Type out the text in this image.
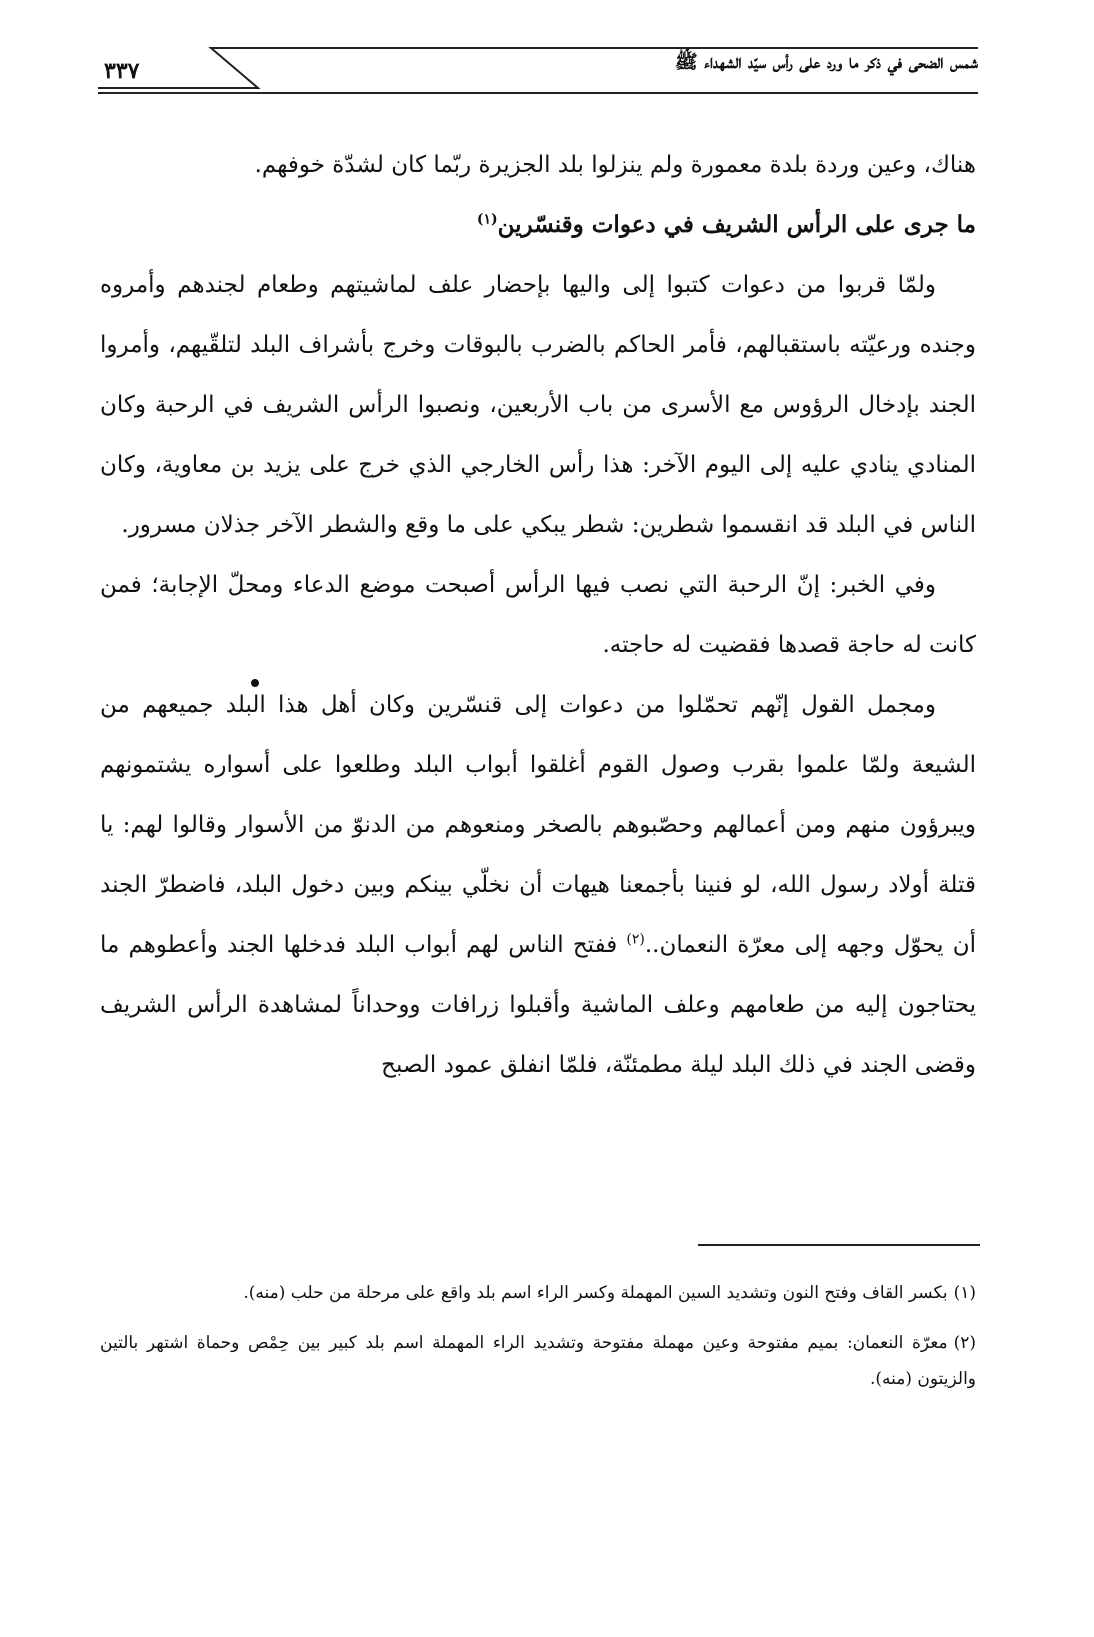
شمس الضحى في ذكر ما ورد على رأس سيّد الشهداء ﷺ
٣٣٧

هناك، وعين وردة بلدة معمورة ولم ينزلوا بلد الجزيرة ربّما كان لشدّة خوفهم.

ما جرى على الرأس الشريف في دعوات وقنسّرين$^{(١)}$

ولمّا قربوا من دعوات كتبوا إلى واليها بإحضار علف لماشيتهم وطعام لجندهم وأمروه وجنده ورعيّته باستقبالهم، فأمر الحاكم بالضرب بالبوقات وخرج بأشراف البلد لتلقّيهم، وأمروا الجند بإدخال الرؤوس مع الأسرى من باب الأربعين، ونصبوا الرأس الشريف في الرحبة وكان المنادي ينادي عليه إلى اليوم الآخر: هذا رأس الخارجي الذي خرج على يزيد بن معاوية، وكان الناس في البلد قد انقسموا شطرين: شطر يبكي على ما وقع والشطر الآخر جذلان مسرور.

وفي الخبر: إنّ الرحبة التي نصب فيها الرأس أصبحت موضع الدعاء ومحلّ الإجابة؛ فمن كانت له حاجة قصدها فقضيت له حاجته.

ومجمل القول إنّهم تحمّلوا من دعوات إلى قنسّرين وكان أهل هذا البلد جميعهم من الشيعة ولمّا علموا بقرب وصول القوم أغلقوا أبواب البلد وطلعوا على أسواره يشتمونهم ويبرؤون منهم ومن أعمالهم وحصّبوهم بالصخر ومنعوهم من الدنوّ من الأسوار وقالوا لهم: يا قتلة أولاد رسول الله، لو فنينا بأجمعنا هيهات أن نخلّي بينكم وبين دخول البلد، فاضطرّ الجند أن يحوّل وجهه إلى معرّة النعمان..$^{(٢)}$ ففتح الناس لهم أبواب البلد فدخلها الجند وأعطوهم ما يحتاجون إليه من طعامهم وعلف الماشية وأقبلوا زرافات ووحداناً لمشاهدة الرأس الشريف وقضى الجند في ذلك البلد ليلة مطمئنّة، فلمّا انفلق عمود الصبح

(١)بكسر القاف وفتح النون وتشديد السين المهملة وكسر الراء اسم بلد واقع على مرحلة من حلب (منه).

(٢)معرّة النعمان: بميم مفتوحة وعين مهملة مفتوحة وتشديد الراء المهملة اسم بلد كبير بين حِمْص وحماة اشتهر بالتين والزيتون (منه).
